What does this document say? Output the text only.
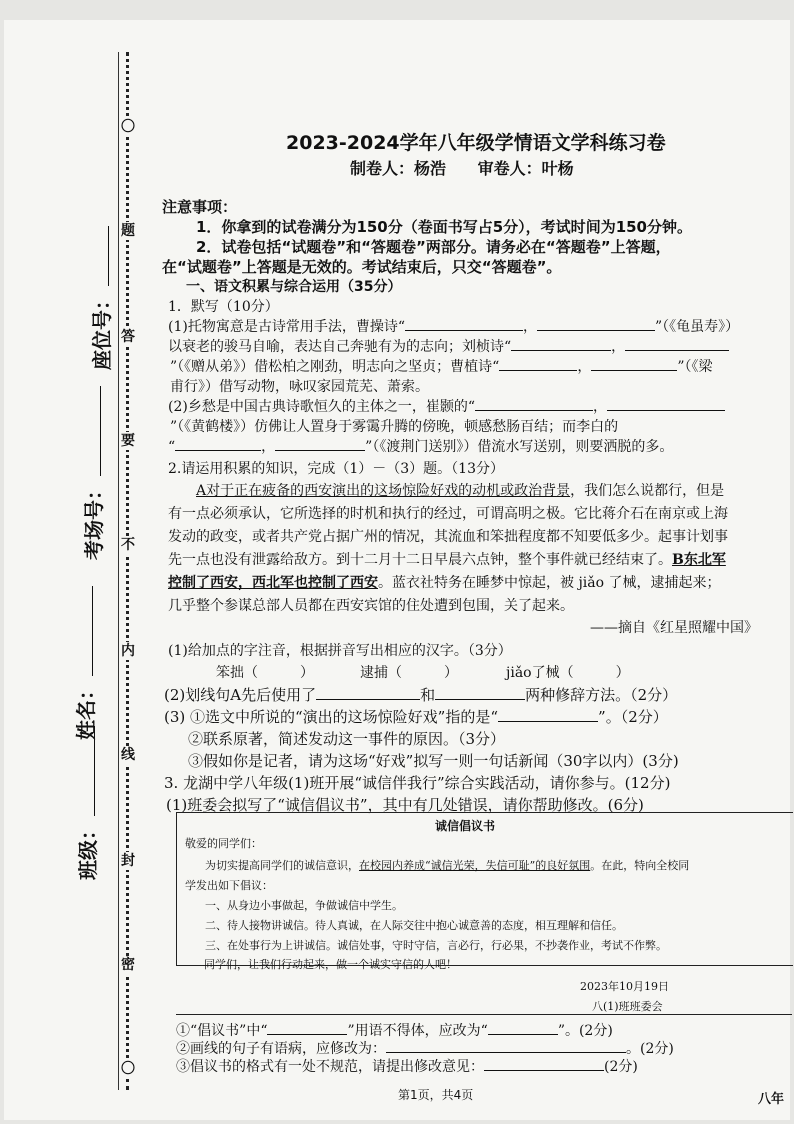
座位号：
考场号：
姓名：
班级：
〇
题
答
要
不
内
线
封
密
〇
2023-2024学年八年级学情语文学科练习卷
制卷人：杨浩 审卷人：叶杨
注意事项：
1．你拿到的试卷满分为150分（卷面书写占5分），考试时间为150分钟。
2．试卷包括“试题卷”和“答题卷”两部分。请务必在“答题卷”上答题，
在“试题卷”上答题是无效的。考试结束后，只交“答题卷”。
一、语文积累与综合运用（35分）
1．默写（10分）
(1)托物寓意是古诗常用手法，曹操诗“	，	”（《龟虽寿》）
以衰老的骏马自喻，表达自己奔驰有为的志向；刘桢诗“	，
”（《赠从弟》）借松柏之刚劲，明志向之坚贞；曹植诗“	，	”（《梁
甫行》）借写动物，咏叹家园荒芜、萧索。
(2)乡愁是中国古典诗歌恒久的主体之一，崔颢的“	，
”（《黄鹤楼》）仿佛让人置身于雾霭升腾的傍晚，顿感愁肠百结；而李白的
“	，	”（《渡荆门送别》）借流水写送别，则要洒脱的多。
2.请运用积累的知识，完成（1）－（3）题。（13分）
A对于正在疲备的西安演出的这场惊险好戏的动机或政治背景，我们怎么说都行，但是
有一点必须承认，它所选择的时机和执行的经过，可谓高明之极。它比蒋介石在南京或上海
发动的政变，或者共产党占据广州的情况，其流血和笨拙程度都不知要低多少。起事计划事
先一点也没有泄露给敌方。到十二月十二日早晨六点钟，整个事件就已经结束了。B东北军
控制了西安，西北军也控制了西安。蓝衣社特务在睡梦中惊起，被 jiǎo 了械，逮捕起来；
几乎整个参谋总部人员都在西安宾馆的住处遭到包围，关了起来。
——摘自《红星照耀中国》
(1)给加点的字注音，根据拼音写出相应的汉字。（3分）
笨拙（　　　）	逮捕（　　　）	jiǎo了械（　　　）
(2)划线句A先后使用了	和	两种修辞方法。（2分）
(3) ①选文中所说的“演出的这场惊险好戏”指的是“	”。（2分）
②联系原著，简述发动这一事件的原因。（3分）
③假如你是记者，请为这场“好戏”拟写一则一句话新闻（30字以内）(3分)
3. 龙湖中学八年级(1)班开展“诚信伴我行”综合实践活动，请你参与。(12分)
(1)班委会拟写了“诚信倡议书”，其中有几处错误，请你帮助修改。(6分)
诚信倡议书
敬爱的同学们：
为切实提高同学们的诚信意识，在校园内养成“诚信光荣，失信可耻”的良好氛围。在此，特向全校同
学发出如下倡议：
一、从身边小事做起，争做诚信中学生。
二、待人接物讲诚信。待人真诚，在人际交往中抱心诚意善的态度，相互理解和信任。
三、在处事行为上讲诚信。诚信处事，守时守信，言必行，行必果，不抄袭作业，考试不作弊。
同学们，让我们行动起来，做一个诚实守信的人吧！
2023年10月19日
八(1)班班委会
①“倡议书”中“	”用语不得体，应改为“	”。(2分)
②画线的句子有语病，应修改为：	。(2分)
③倡议书的格式有一处不规范，请提出修改意见：	(2分)
第1页，共4页	八年
